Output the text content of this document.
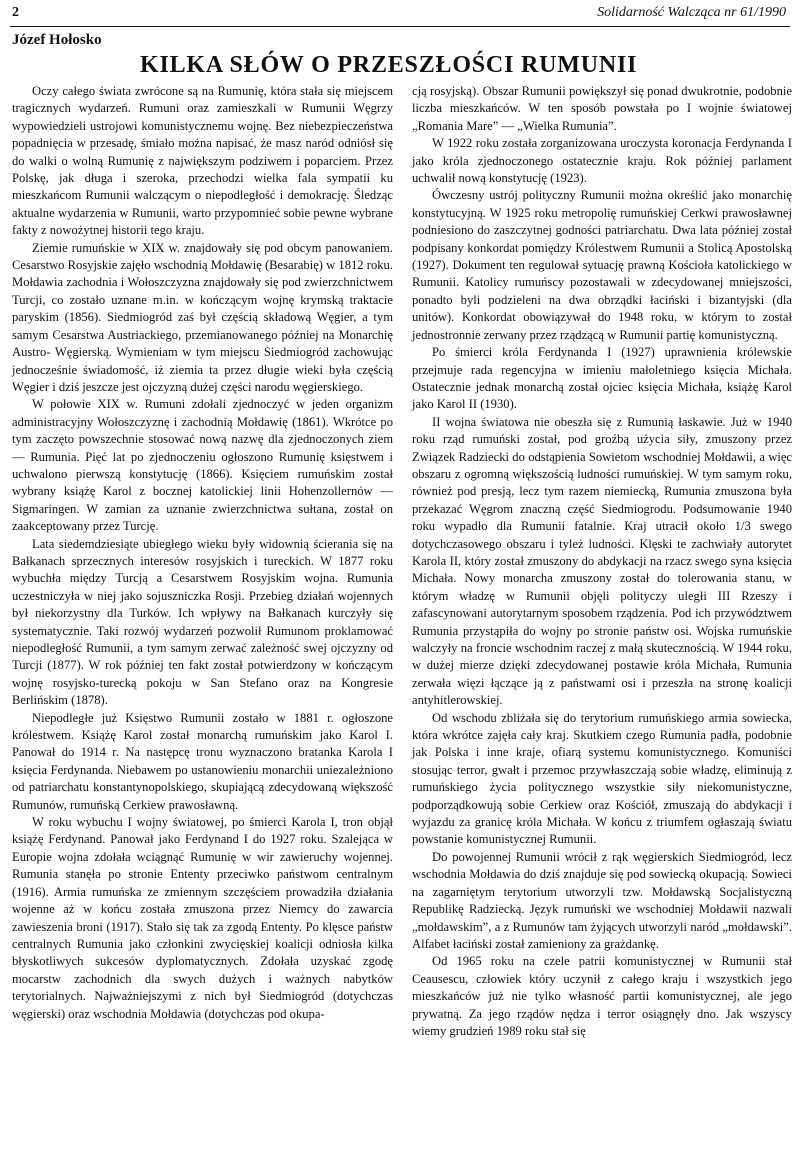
2	Solidarność Walcząca nr 61/1990
Józef Hołosko
KILKA SŁÓW O PRZESZŁOŚCI RUMUNII

Oczy całego świata zwrócone są na Rumunię, która stała się miejscem tragicznych wydarzeń. Rumuni oraz zamieszkali w Rumunii Węgrzy wypowiedzieli ustrojowi komunistycznemu wojnę. Bez niebezpieczeństwa popadnięcia w przesadę, śmiało można napisać, że masz naród odniósł się do walki o wolną Rumunię z największym podziwem i poparciem. Przez Polskę, jak długa i szeroka, przechodzi wielka fala sympatii ku mieszkańcom Rumunii walczącym o niepodległość i demokrację. Śledząc aktualne wydarzenia w Rumunii, warto przypomnieć sobie pewne wybrane fakty z nowożytnej historii tego kraju.

Ziemie rumuńskie w XIX w. znajdowały się pod obcym panowaniem. Cesarstwo Rosyjskie zajęło wschodnią Mołdawię (Besarabię) w 1812 roku. Mołdawia zachodnia i Wołoszczyzna znajdowały się pod zwierzchnictwem Turcji, co zostało uznane m.in. w kończącym wojnę krymską traktacie paryskim (1856). Siedmiogród zaś był częścią składową Węgier, a tym samym Cesarstwa Austriackiego, przemianowanego później na Monarchię Austro- Węgierską. Wymieniam w tym miejscu Siedmiogród zachowując jednocześnie świadomość, iż ziemia ta przez długie wieki była częścią Węgier i dziś jeszcze jest ojczyzną dużej części narodu węgierskiego.

W połowie XIX w. Rumuni zdołali zjednoczyć w jeden organizm administracyjny Wołoszczyznę i zachodnią Mołdawię (1861). Wkrótce po tym zaczęto powszechnie stosować nową nazwę dla zjednoczonych ziem — Rumunia. Pięć lat po zjednoczeniu ogłoszono Rumunię księstwem i uchwalono pierwszą konstytucję (1866). Księciem rumuńskim został wybrany książę Karol z bocznej katolickiej linii Hohenzollernów — Sigmaringen. W zamian za uznanie zwierzchnictwa sułtana, został on zaakceptowany przez Turcję.

Lata siedemdziesiąte ubiegłego wieku były widownią ścierania się na Bałkanach sprzecznych interesów rosyjskich i tureckich. W 1877 roku wybuchła między Turcją a Cesarstwem Rosyjskim wojna. Rumunia uczestniczyła w niej jako sojuszniczka Rosji. Przebieg działań wojennych był niekorzystny dla Turków. Ich wpływy na Bałkanach kurczyły się systematycznie. Taki rozwój wydarzeń pozwolił Rumunom proklamować niepodległość Rumunii, a tym samym zerwać zależność swej ojczyzny od Turcji (1877). W rok później ten fakt został potwierdzony w kończącym wojnę rosyjsko-turecką pokoju w San Stefano oraz na Kongresie Berlińskim (1878).

Niepodległe już Księstwo Rumunii zostało w 1881 r. ogłoszone królestwem. Książę Karol został monarchą rumuńskim jako Karol I. Panował do 1914 r. Na następcę tronu wyznaczono bratanka Karola I księcia Ferdynanda. Niebawem po ustanowieniu monarchii uniezależniono od patriarchatu konstantynopolskiego, skupiającą zdecydowaną większość Rumunów, rumuńską Cerkiew prawosławną.

W roku wybuchu I wojny światowej, po śmierci Karola I, tron objął książę Ferdynand. Panował jako Ferdynand I do 1927 roku. Szalejąca w Europie wojna zdołała wciągnąć Rumunię w wir zawieruchy wojennej. Rumunia stanęła po stronie Ententy przeciwko państwom centralnym (1916). Armia rumuńska ze zmiennym szczęściem prowadziła działania wojenne aż w końcu została zmuszona przez Niemcy do zawarcia zawieszenia broni (1917). Stało się tak za zgodą Ententy. Po klęsce państw centralnych Rumunia jako członkini zwycięskiej koalicji odniosła kilka błyskotliwych sukcesów dyplomatycznych. Zdołała uzyskać zgodę mocarstw zachodnich dla swych dużych i ważnych nabytków terytorialnych. Najważniejszymi z nich był Siedmiogród (dotychczas węgierski) oraz wschodnia Mołdawia (dotychczas pod okupa-

cją rosyjską). Obszar Rumunii powiększył się ponad dwukrotnie, podobnie liczba mieszkańców. W ten sposób powstała po I wojnie światowej „Romania Mare” — „Wielka Rumunia”.

W 1922 roku została zorganizowana uroczysta koronacja Ferdynanda I jako króla zjednoczonego ostatecznie kraju. Rok później parlament uchwalił nową konstytucję (1923).

Ówczesny ustrój polityczny Rumunii można określić jako monarchię konstytucyjną. W 1925 roku metropolię rumuńskiej Cerkwi prawosławnej podniesiono do zaszczytnej godności patriarchatu. Dwa lata później został podpisany konkordat pomiędzy Królestwem Rumunii a Stolicą Apostolską (1927). Dokument ten regulował sytuację prawną Kościoła katolickiego w Rumunii. Katolicy rumuńscy pozostawali w zdecydowanej mniejszości, ponadto byli podzieleni na dwa obrządki łaciński i bizantyjski (dla unitów). Konkordat obowiązywał do 1948 roku, w którym to został jednostronnie zerwany przez rządzącą w Rumunii partię komunistyczną.

Po śmierci króla Ferdynanda I (1927) uprawnienia królewskie przejmuje rada regencyjna w imieniu małoletniego księcia Michała. Ostatecznie jednak monarchą został ojciec księcia Michała, książę Karol jako Karol II (1930).

II wojna światowa nie obeszła się z Rumunią łaskawie. Już w 1940 roku rząd rumuński został, pod groźbą użycia siły, zmuszony przez Związek Radziecki do odstąpienia Sowietom wschodniej Mołdawii, a więc obszaru z ogromną większością ludności rumuńskiej. W tym samym roku, również pod presją, lecz tym razem niemiecką, Rumunia zmuszona była przekazać Węgrom znaczną część Siedmiogrodu. Podsumowanie 1940 roku wypadło dla Rumunii fatalnie. Kraj utracił około 1/3 swego dotychczasowego obszaru i tyleż ludności. Klęski te zachwiały autorytet Karola II, który został zmuszony do abdykacji na rzacz swego syna księcia Michała. Nowy monarcha zmuszony został do tolerowania stanu, w którym władzę w Rumunii objęli polityczy uległi III Rzeszy i zafascynowani autorytarnym sposobem rządzenia. Pod ich przywództwem Rumunia przystąpiła do wojny po stronie państw osi. Wojska rumuńskie walczyły na froncie wschodnim raczej z małą skutecznością. W 1944 roku, w dużej mierze dzięki zdecydowanej postawie króla Michała, Rumunia zerwała więzi łączące ją z państwami osi i przeszła na stronę koalicji antyhitlerowskiej.

Od wschodu zbliżała się do terytorium rumuńskiego armia sowiecka, która wkrótce zajęła cały kraj. Skutkiem czego Rumunia padła, podobnie jak Polska i inne kraje, ofiarą systemu komunistycznego. Komuniści stosując terror, gwałt i przemoc przywłaszczają sobie władzę, eliminują z rumuńskiego życia politycznego wszystkie siły niekomunistyczne, podporządkowują sobie Cerkiew oraz Kościół, zmuszają do abdykacji i wyjazdu za granicę króla Michała. W końcu z triumfem ogłaszają światu powstanie komunistycznej Rumunii.

Do powojennej Rumunii wrócił z rąk węgierskich Siedmiogród, lecz wschodnia Mołdawia do dziś znajduje się pod sowiecką okupacją. Sowieci na zagarniętym terytorium utworzyli tzw. Mołdawską Socjalistyczną Republikę Radziecką. Język rumuński we wschodniej Mołdawii nazwali „mołdawskim”, a z Rumunów tam żyjących utworzyli naród „mołdawski”. Alfabet łaciński został zamieniony za grażdankę.

Od 1965 roku na czele patrii komunistycznej w Rumunii stał Ceausescu, człowiek który uczynił z całego kraju i wszystkich jego mieszkańców już nie tylko własność partii komunistycznej, ale jego prywatną. Za jego rządów nędza i terror osiągnęły dno. Jak wszyscy wiemy grudzień 1989 roku stał się
